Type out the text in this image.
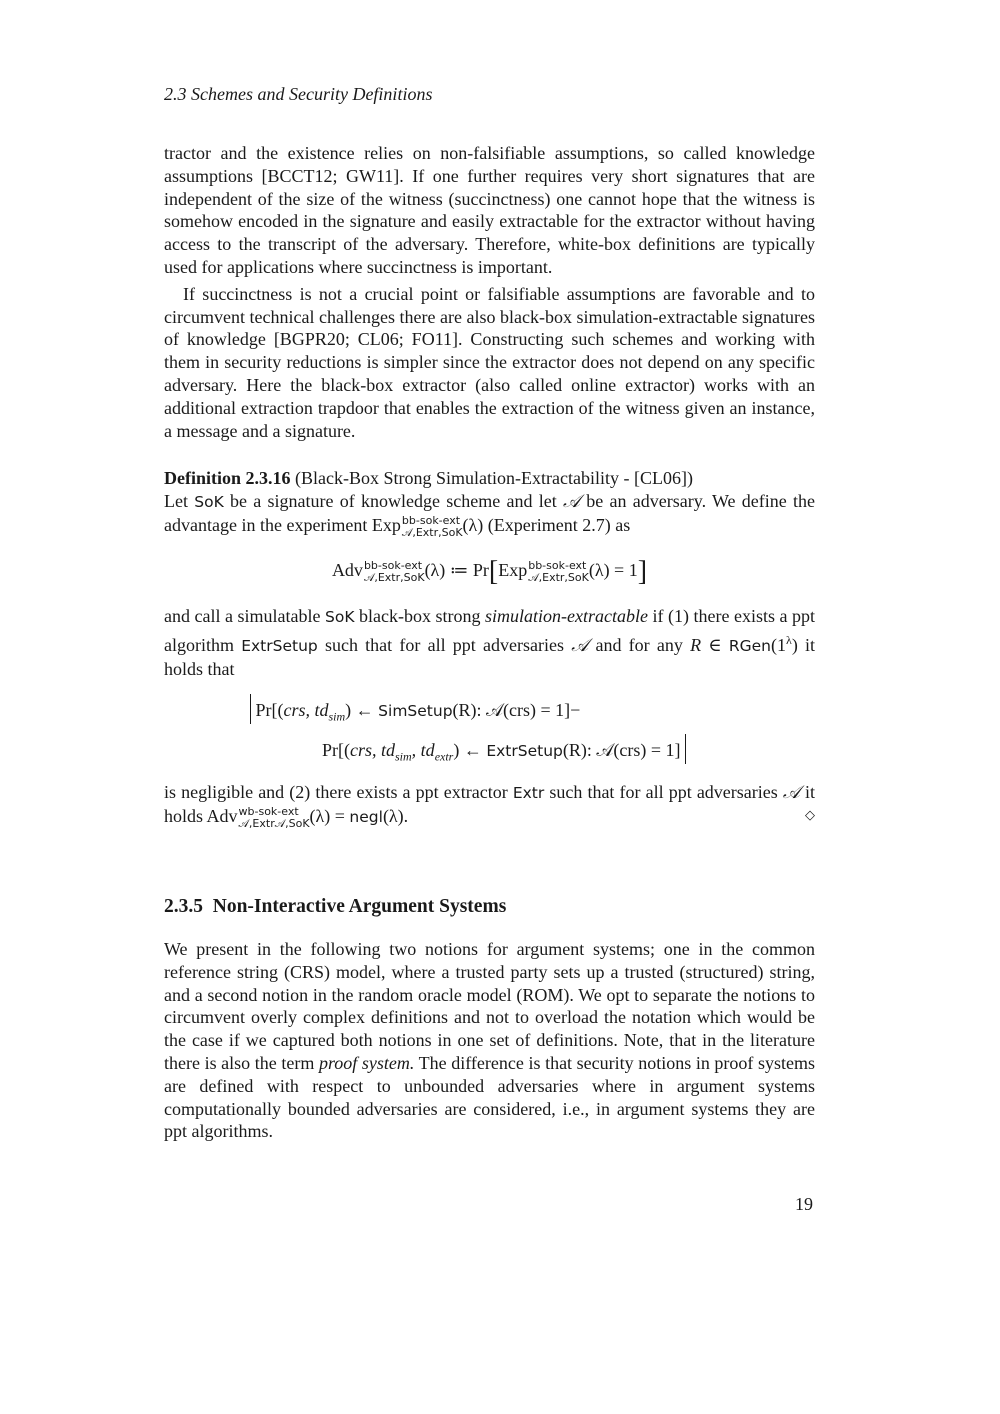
2.3 Schemes and Security Definitions

tractor and the existence relies on non-falsifiable assumptions, so called knowledge assumptions [BCCT12; GW11]. If one further requires very short signatures that are independent of the size of the witness (succinctness) one cannot hope that the witness is somehow encoded in the signature and easily extractable for the extractor without having access to the transcript of the adversary. Therefore, white-box definitions are typically used for applications where succinctness is important.

If succinctness is not a crucial point or falsifiable assumptions are favorable and to circumvent technical challenges there are also black-box simulation-extractable signatures of knowledge [BGPR20; CL06; FO11]. Constructing such schemes and working with them in security reductions is simpler since the extractor does not depend on any specific adversary. Here the black-box extractor (also called online extractor) works with an additional extraction trapdoor that enables the extraction of the witness given an instance, a message and a signature.

Definition 2.3.16 (Black-Box Strong Simulation-Extractability - [CL06])

Let SoK be a signature of knowledge scheme and let 𝒜 be an adversary. We define the advantage in the experiment Exp bb-sok-ext
𝒜,Extr,SoK (λ) (Experiment 2.7) as

Adv bb-sok-ext
𝒜,Extr,SoK (λ) ≔ Pr[Exp bb-sok-ext
𝒜,Extr,SoK (λ) = 1]

and call a simulatable SoK black-box strong simulation-extractable if (1) there exists a ppt algorithm ExtrSetup such that for all ppt adversaries 𝒜 and for any R ∈ $RGen(1^\lambda)$ it holds that

Pr[(crs, $td_{sim}$) ← SimSetup(R): 𝒜(crs) = 1]−
Pr[(crs, $td_{sim}$, $td_{extr}$) ← ExtrSetup(R): 𝒜(crs) = 1]

is negligible and (2) there exists a ppt extractor Extr such that for all ppt adversaries 𝒜 it holds Adv wb-sok-ext
𝒜,Extr𝒜,SoK (λ) = negl(λ).	◇

2.3.5 Non-Interactive Argument Systems

We present in the following two notions for argument systems; one in the common reference string (CRS) model, where a trusted party sets up a trusted (structured) string, and a second notion in the random oracle model (ROM). We opt to separate the notions to circumvent overly complex definitions and not to overload the notation which would be the case if we captured both notions in one set of definitions. Note, that in the literature there is also the term proof system. The difference is that security notions in proof systems are defined with respect to unbounded adversaries where in argument systems computationally bounded adversaries are considered, i.e., in argument systems they are ppt algorithms.

19
